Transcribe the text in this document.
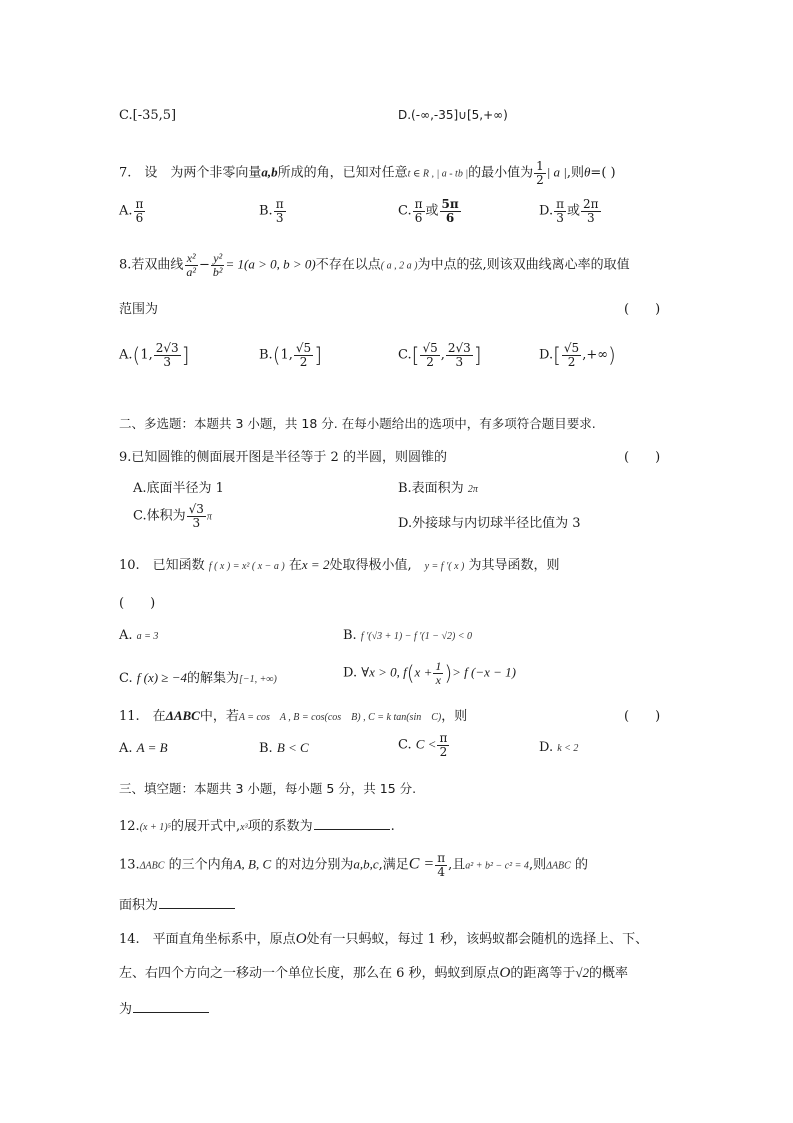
C.[-35,5]	D.(-∞,-35]∪[5,+∞)
7.　设　为两个非零向量a,b所成的角，已知对任意t ∈ R , | a - tb |的最小值为 $\frac{1}{2}$ | a |,则θ=( )
A. $\frac{\pi}{6}$	B. $\frac{\pi}{3}$	C. $\frac{\pi}{6}$ 或 $\frac{5\pi}{6}$	D. $\frac{\pi}{3}$ 或 $\frac{2\pi}{3}$
8.若双曲线 $\frac{\text{x²}}{\text{a²}} - \frac{\text{y²}}{\text{b²}} = 1(a > 0$, b > 0)不存在以点( a , 2 a )为中点的弦,则该双曲线离心率的取值
范围为	(　　)
A.(1, $\frac{2√3}{3}$ ]	B.(1, $\frac{√5}{2}$ ]	$C.[ \frac{√5}{2}$ , $\frac{2√3}{3}$ ]	$D.[ \frac{√5}{2}$ ,+∞)
二、多选题：本题共 3 小题，共 18 分. 在每小题给出的选项中，有多项符合题目要求.
9.已知圆锥的侧面展开图是半径等于 2 的半圆，则圆锥的	(　　)
A.底面半径为 1	B.表面积为 2π
C.体积为 $\frac{√3}{3}$ π	D.外接球与内切球半径比值为 3
10.　已知函数 f ( x ) = x² ( x − a ) 在x = 2处取得极小值,　 y = f ′( x ) 为其导函数，则
(　　)
A. a = 3	B. f ′(√3 + 1) − f ′(1 − √2) < 0
C. f (x) ≥ −4的解集为[−1, +∞)	D. ∀x > 0, $f(x + \frac{1}{x}$ )> f (−x − 1)
11.　在ΔABC中，若A = cos　A , B = cos(cos　B) , C = k tan(sin　C)，则	(　　)
A. A = B	B. B < C	C. $C < \frac{\pi}{2}$	D. k < 2
三、填空题：本题共 3 小题，每小题 5 分，共 15 分.
12.(x + 1)⁵的展开式中,x³项的系数为	.
13.ΔABC 的三个内角A, B, C 的对边分别为a,b,c,满足$C = \frac{\pi}{4}$ ,且a² + b² − c² = 4,则ΔABC 的
面积为
14.　平面直角坐标系中，原点O处有一只蚂蚁，每过 1 秒，该蚂蚁都会随机的选择上、下、
左、右四个方向之一移动一个单位长度，那么在 6 秒，蚂蚁到原点O的距离等于√2的概率
为
